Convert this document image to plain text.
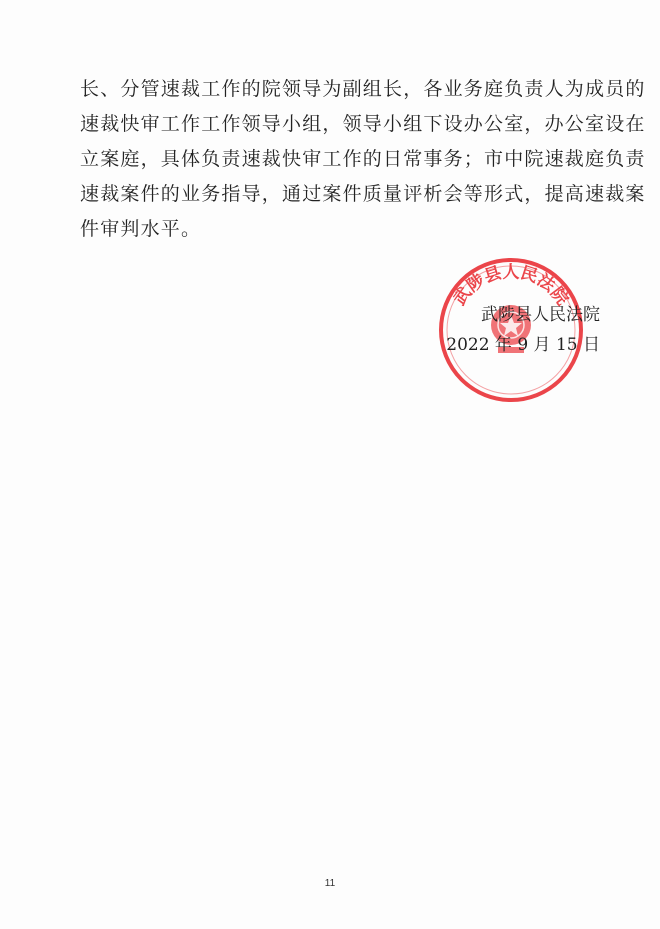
长、分管速裁工作的院领导为副组长，各业务庭负责人为成员的
速裁快审工作工作领导小组，领导小组下设办公室，办公室设在
立案庭，具体负责速裁快审工作的日常事务；市中院速裁庭负责
速裁案件的业务指导，通过案件质量评析会等形式，提高速裁案
件审判水平。
武陟县人民法院
武陟县人民法院
2022 年 9 月 15 日
11
